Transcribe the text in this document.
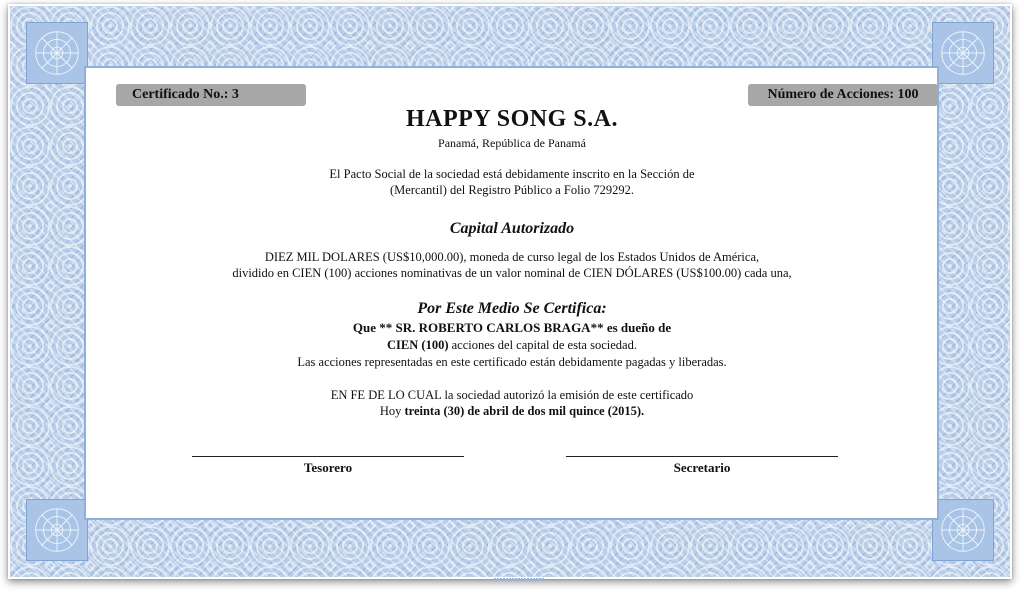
Certificado No.: 3	Número de Acciones: 100
HAPPY SONG S.A.
Panamá, República de Panamá
El Pacto Social de la sociedad está debidamente inscrito en la Sección de
(Mercantil) del Registro Público a Folio 729292.
Capital Autorizado
DIEZ MIL DOLARES (US$10,000.00), moneda de curso legal de los Estados Unidos de América,
dividido en CIEN (100) acciones nominativas de un valor nominal de CIEN DÓLARES (US$100.00) cada una,
Por Este Medio Se Certifica:
Que ** SR. ROBERTO CARLOS BRAGA** es dueño de
CIEN (100) acciones del capital de esta sociedad.
Las acciones representadas en este certificado están debidamente pagadas y liberadas.
EN FE DE LO CUAL la sociedad autorizó la emisión de este certificado
Hoy treinta (30) de abril de dos mil quince (2015).
Tesorero	Secretario
